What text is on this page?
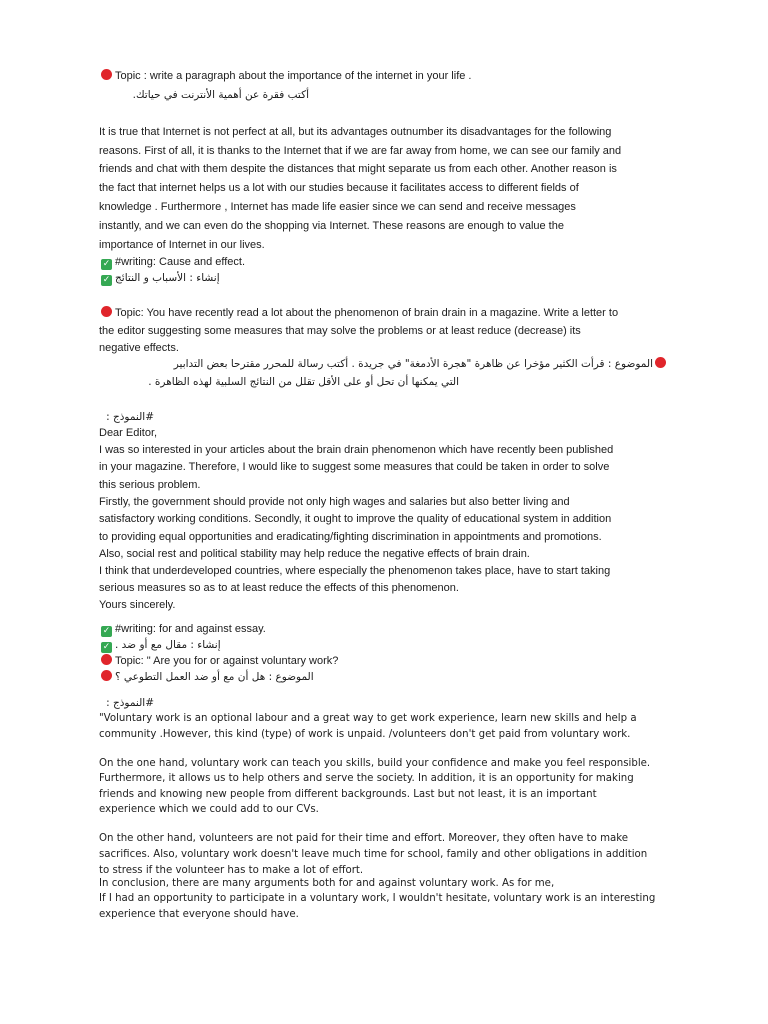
Topic : write a paragraph about the importance of the internet in your life .
أكتب فقرة عن أهمية الأنترنت في حياتك.
It is true that Internet is not perfect at all, but its advantages outnumber its disadvantages for the following
reasons. First of all, it is thanks to the Internet that if we are far away from home, we can see our family and
friends and chat with them despite the distances that might separate us from each other. Another reason is
the fact that internet helps us a lot with our studies because it facilitates access to different fields of
knowledge . Furthermore , Internet has made life easier since we can send and receive messages
instantly, and we can even do the shopping via Internet. These reasons are enough to value the
importance of Internet in our lives.
✓ #writing: Cause and effect.
✓ إنشاء : الأسباب و النتائج
Topic: You have recently read a lot about the phenomenon of brain drain in a magazine. Write a letter to
the editor suggesting some measures that may solve the problems or at least reduce (decrease) its
negative effects.
الموضوع : قرأت الكثير مؤخرا عن ظاهرة "هجرة الأدمغة" في جريدة . أكتب رسالة للمحرر مقترحا بعض التدابير
التي يمكنها أن تحل أو على الأقل تقلل من النتائج السلبية لهذه الظاهرة .
#النموذج :
Dear Editor,
I was so interested in your articles about the brain drain phenomenon which have recently been published
in your magazine. Therefore, I would like to suggest some measures that could be taken in order to solve
this serious problem.
Firstly, the government should provide not only high wages and salaries but also better living and
satisfactory working conditions. Secondly, it ought to improve the quality of educational system in addition
to providing equal opportunities and eradicating/fighting discrimination in appointments and promotions.
Also, social rest and political stability may help reduce the negative effects of brain drain.
I think that underdeveloped countries, where especially the phenomenon takes place, have to start taking
serious measures so as to at least reduce the effects of this phenomenon.
Yours sincerely.
✓ #writing: for and against essay.
✓ إنشاء : مقال مع أو ضد .
Topic: " Are you for or against voluntary work?
الموضوع : هل أن مع أو ضد العمل التطوعي ؟
#النموذج :
"Voluntary work is an optional labour and a great way to get work experience, learn new skills and help a
community .However, this kind (type) of work is unpaid. /volunteers don't get paid from voluntary work.
On the one hand, voluntary work can teach you skills, build your confidence and make you feel responsible.
Furthermore, it allows us to help others and serve the society. In addition, it is an opportunity for making
friends and knowing new people from different backgrounds. Last but not least, it is an important
experience which we could add to our CVs.
On the other hand, volunteers are not paid for their time and effort. Moreover, they often have to make
sacrifices. Also, voluntary work doesn't leave much time for school, family and other obligations in addition
to stress if the volunteer has to make a lot of effort.
In conclusion, there are many arguments both for and against voluntary work. As for me,
If I had an opportunity to participate in a voluntary work, I wouldn't hesitate, voluntary work is an interesting
experience that everyone should have.
